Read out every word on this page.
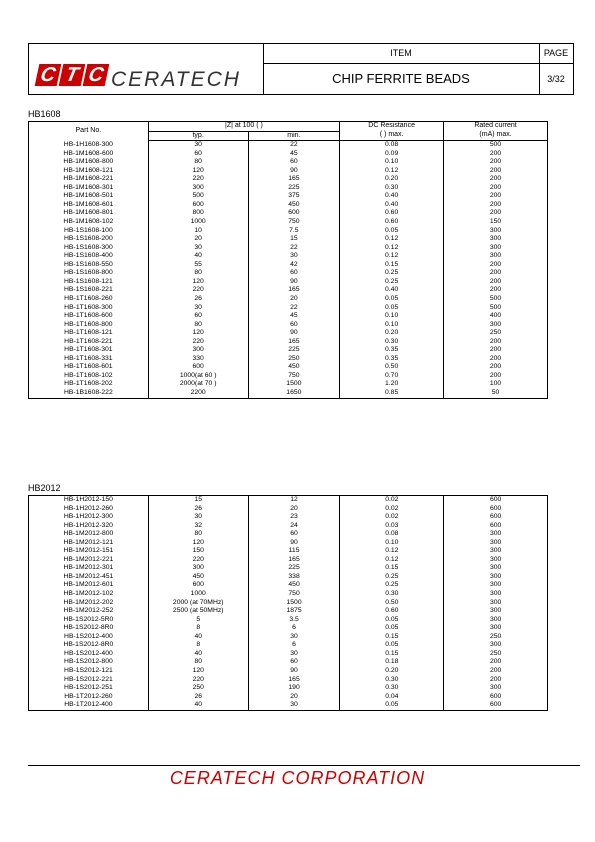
C T C CERATECH
ITEM
CHIP FERRITE BEADS
PAGE
3/32
HB1608
Part No.	|Z| at 100 ( )		DC Resistance	Rated current
	typ.	min.	( ) max.	(mA) max.
HB-1H1608-300	30	22	0.08	500
HB-1M1608-600	60	45	0.09	200
HB-1M1608-800	80	60	0.10	200
HB-1M1608-121	120	90	0.12	200
HB-1M1608-221	220	165	0.20	200
HB-1M1608-301	300	225	0.30	200
HB-1M1608-501	500	375	0.40	200
HB-1M1608-601	600	450	0.40	200
HB-1M1608-801	800	600	0.60	200
HB-1M1608-102	1000	750	0.60	150
HB-1S1608-100	10	7.5	0.05	300
HB-1S1608-200	20	15	0.12	300
HB-1S1608-300	30	22	0.12	300
HB-1S1608-400	40	30	0.12	300
HB-1S1608-550	55	42	0.15	200
HB-1S1608-800	80	60	0.25	200
HB-1S1608-121	120	90	0.25	200
HB-1S1608-221	220	165	0.40	200
HB-1T1608-260	26	20	0.05	500
HB-1T1608-300	30	22	0.05	500
HB-1T1608-600	60	45	0.10	400
HB-1T1608-800	80	60	0.10	300
HB-1T1608-121	120	90	0.20	250
HB-1T1608-221	220	165	0.30	200
HB-1T1608-301	300	225	0.35	200
HB-1T1608-331	330	250	0.35	200
HB-1T1608-601	600	450	0.50	200
HB-1T1608-102	1000(at 60 )	750	0.70	200
HB-1T1608-202	2000(at 70 )	1500	1.20	100
HB-1B1608-222	2200	1650	0.85	50
HB2012
HB-1H2012-150	15	12	0.02	600
HB-1H2012-260	26	20	0.02	600
HB-1H2012-300	30	23	0.02	600
HB-1H2012-320	32	24	0.03	600
HB-1M2012-800	80	60	0.08	300
HB-1M2012-121	120	90	0.10	300
HB-1M2012-151	150	115	0.12	300
HB-1M2012-221	220	165	0.12	300
HB-1M2012-301	300	225	0.15	300
HB-1M2012-451	450	338	0.25	300
HB-1M2012-601	600	450	0.25	300
HB-1M2012-102	1000	750	0.30	300
HB-1M2012-202	2000 (at 70MHz)	1500	0.50	300
HB-1M2012-252	2500 (at 50MHz)	1875	0.60	300
HB-1S2012-5R0	5	3.5	0.05	300
HB-1S2012-8R0	8	6	0.05	300
HB-1S2012-400	40	30	0.15	250
HB-1S2012-8R0	8	6	0.05	300
HB-1S2012-400	40	30	0.15	250
HB-1S2012-800	80	60	0.18	200
HB-1S2012-121	120	90	0.20	200
HB-1S2012-221	220	165	0.30	200
HB-1S2012-251	250	190	0.30	300
HB-1T2012-260	26	20	0.04	600
HB-1T2012-400	40	30	0.05	600
CERATECH CORPORATION
